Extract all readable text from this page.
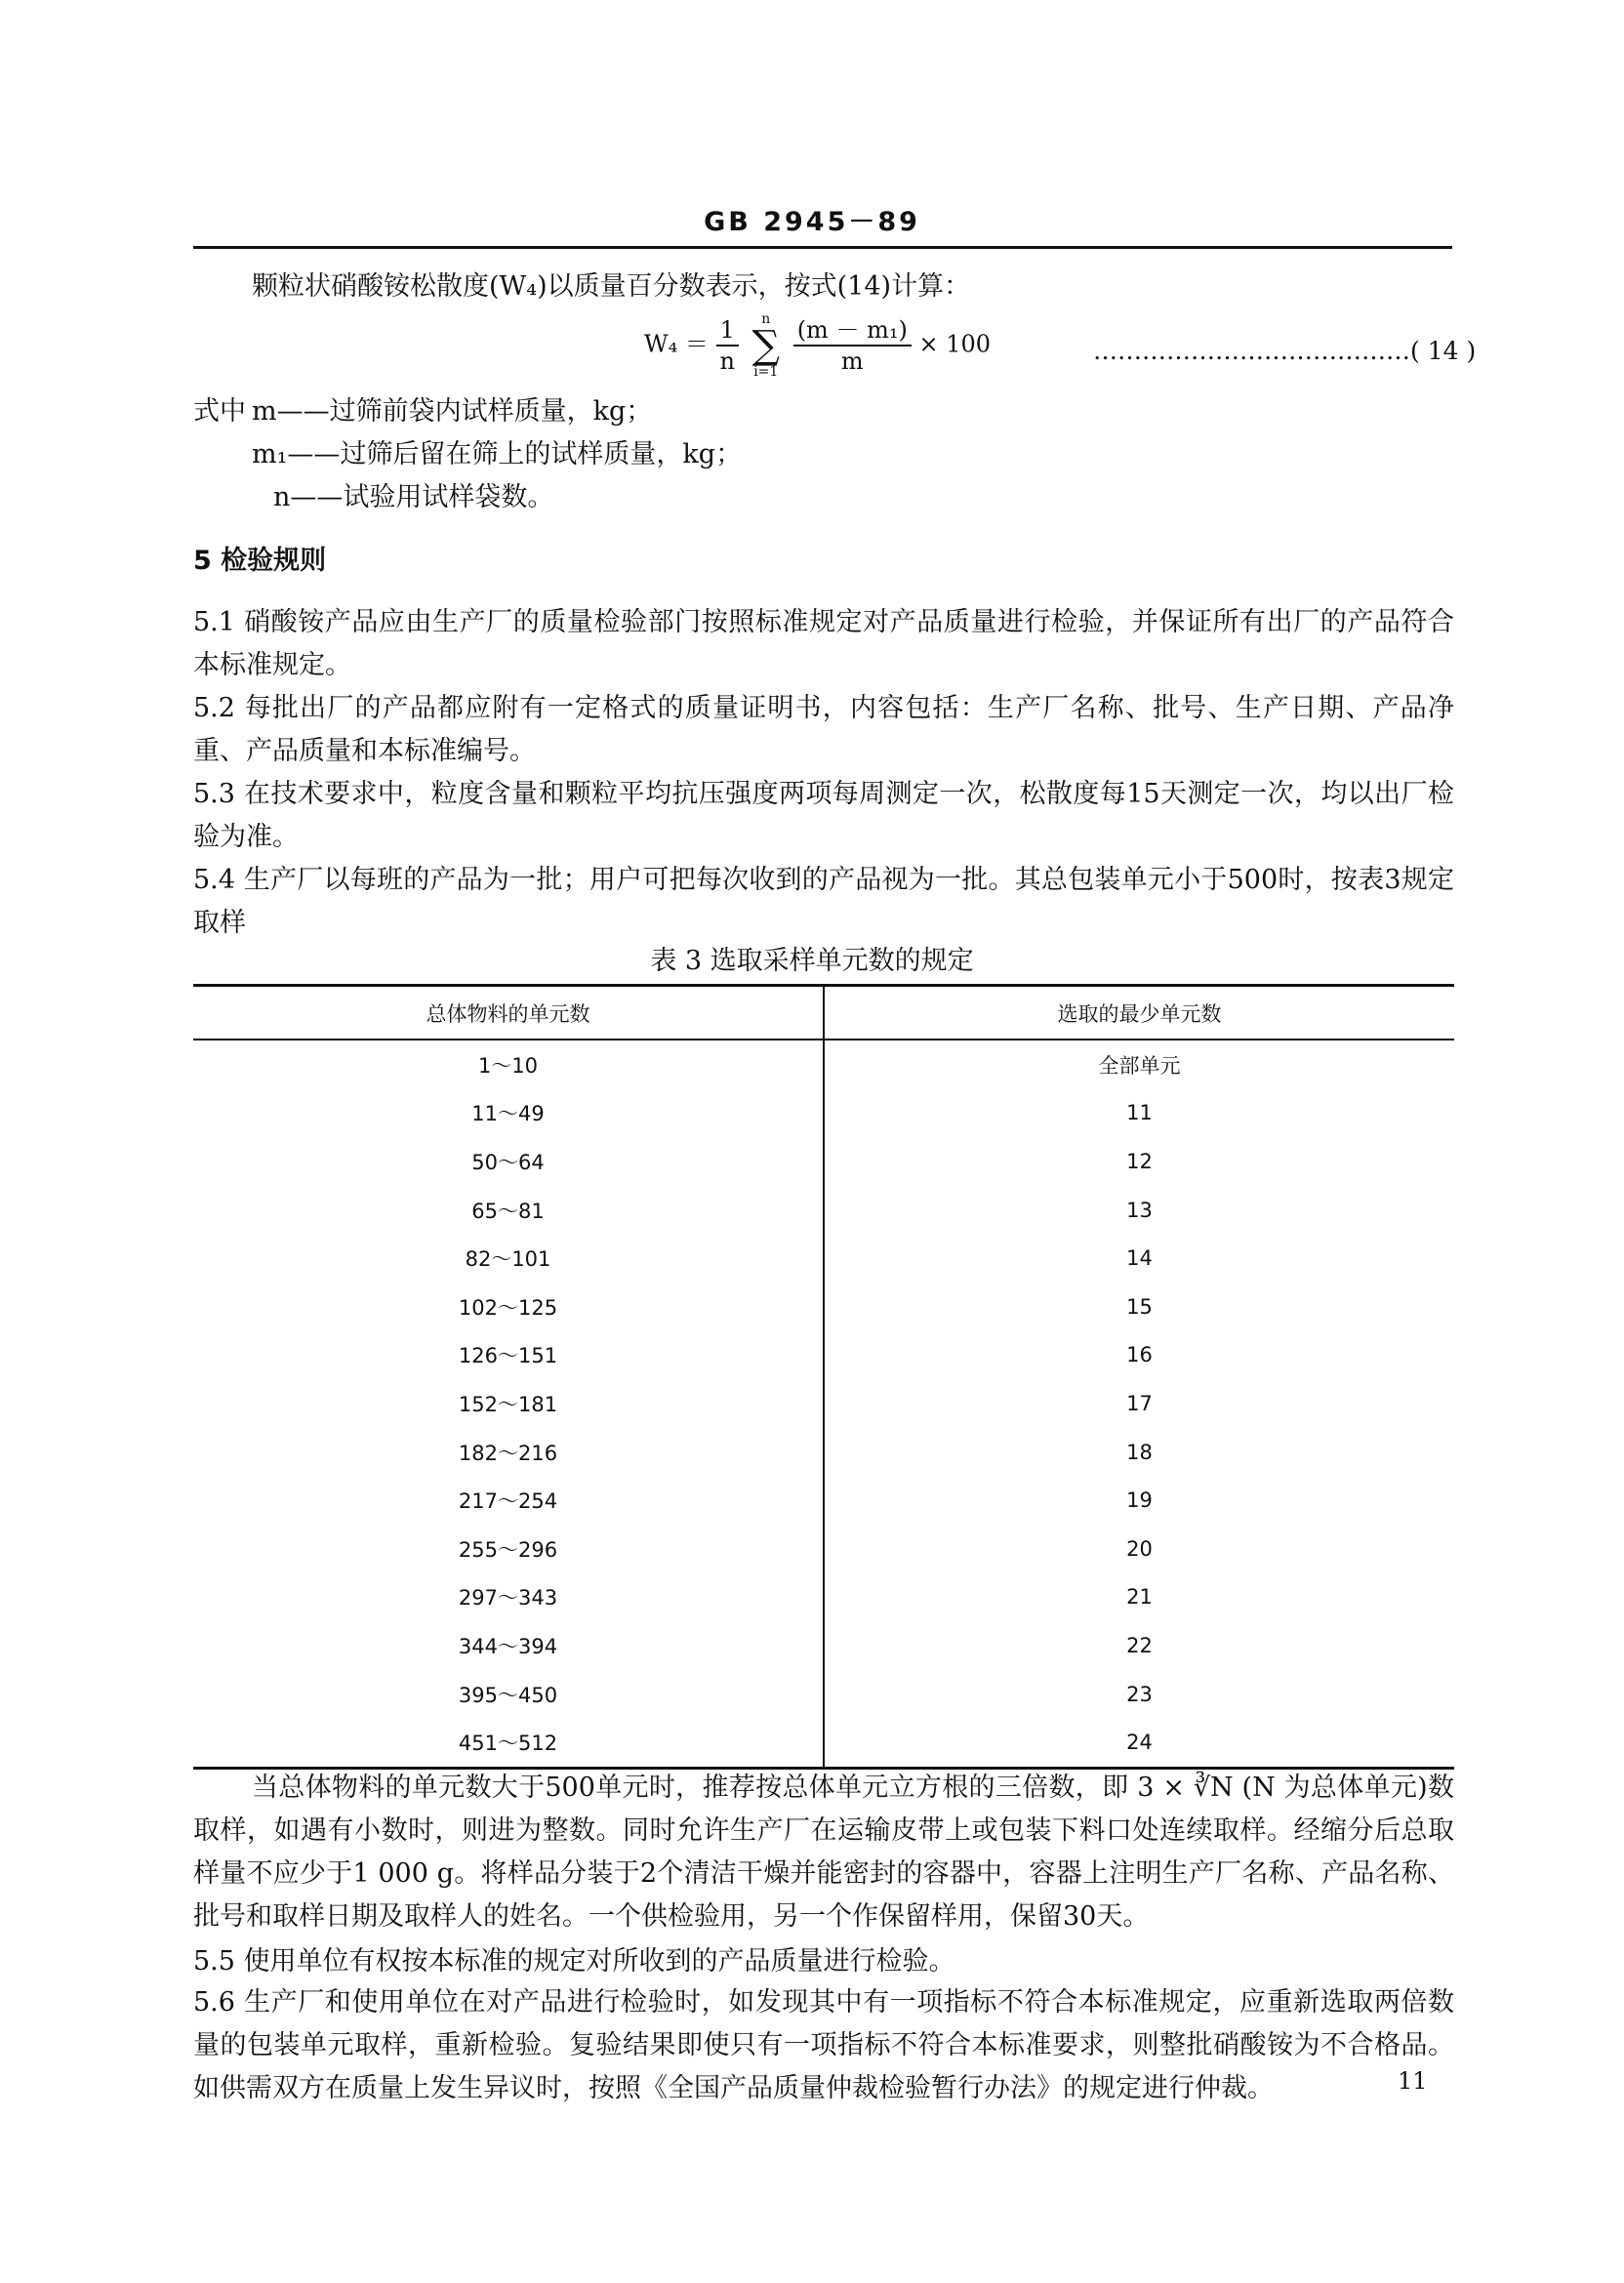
GB 2945－89
颗粒状硝酸铵松散度(W₄)以质量百分数表示，按式(14)计算：
$W_4 = \frac{1}{n}$ n
∑
$i=1 \frac{\text{(m － m₁)}}{m} \times 100$	…………………………………( 14 )
式中 m——过筛前袋内试样质量，kg；
m₁——过筛后留在筛上的试样质量，kg；
n——试验用试样袋数。
5 检验规则
5.1 硝酸铵产品应由生产厂的质量检验部门按照标准规定对产品质量进行检验，并保证所有出厂的产品符合本标准规定。
5.2 每批出厂的产品都应附有一定格式的质量证明书，内容包括：生产厂名称、批号、生产日期、产品净重、产品质量和本标准编号。
5.3 在技术要求中，粒度含量和颗粒平均抗压强度两项每周测定一次，松散度每15天测定一次，均以出厂检验为准。
5.4 生产厂以每班的产品为一批；用户可把每次收到的产品视为一批。其总包装单元小于500时，按表3规定取样
表 3 选取采样单元数的规定
总体物料的单元数	选取的最少单元数
1～10	全部单元
11～49	11
50～64	12
65～81	13
82～101	14
102～125	15
126～151	16
152～181	17
182～216	18
217～254	19
255～296	20
297～343	21
344～394	22
395～450	23
451～512	24
当总体物料的单元数大于500单元时，推荐按总体单元立方根的三倍数，即 3 × ∛N (N 为总体单元)数取样，如遇有小数时，则进为整数。同时允许生产厂在运输皮带上或包装下料口处连续取样。经缩分后总取样量不应少于1 000 g。将样品分装于2个清洁干燥并能密封的容器中，容器上注明生产厂名称、产品名称、批号和取样日期及取样人的姓名。一个供检验用，另一个作保留样用，保留30天。
5.5 使用单位有权按本标准的规定对所收到的产品质量进行检验。
5.6 生产厂和使用单位在对产品进行检验时，如发现其中有一项指标不符合本标准规定，应重新选取两倍数量的包装单元取样，重新检验。复验结果即使只有一项指标不符合本标准要求，则整批硝酸铵为不合格品。如供需双方在质量上发生异议时，按照《全国产品质量仲裁检验暂行办法》的规定进行仲裁。	11
